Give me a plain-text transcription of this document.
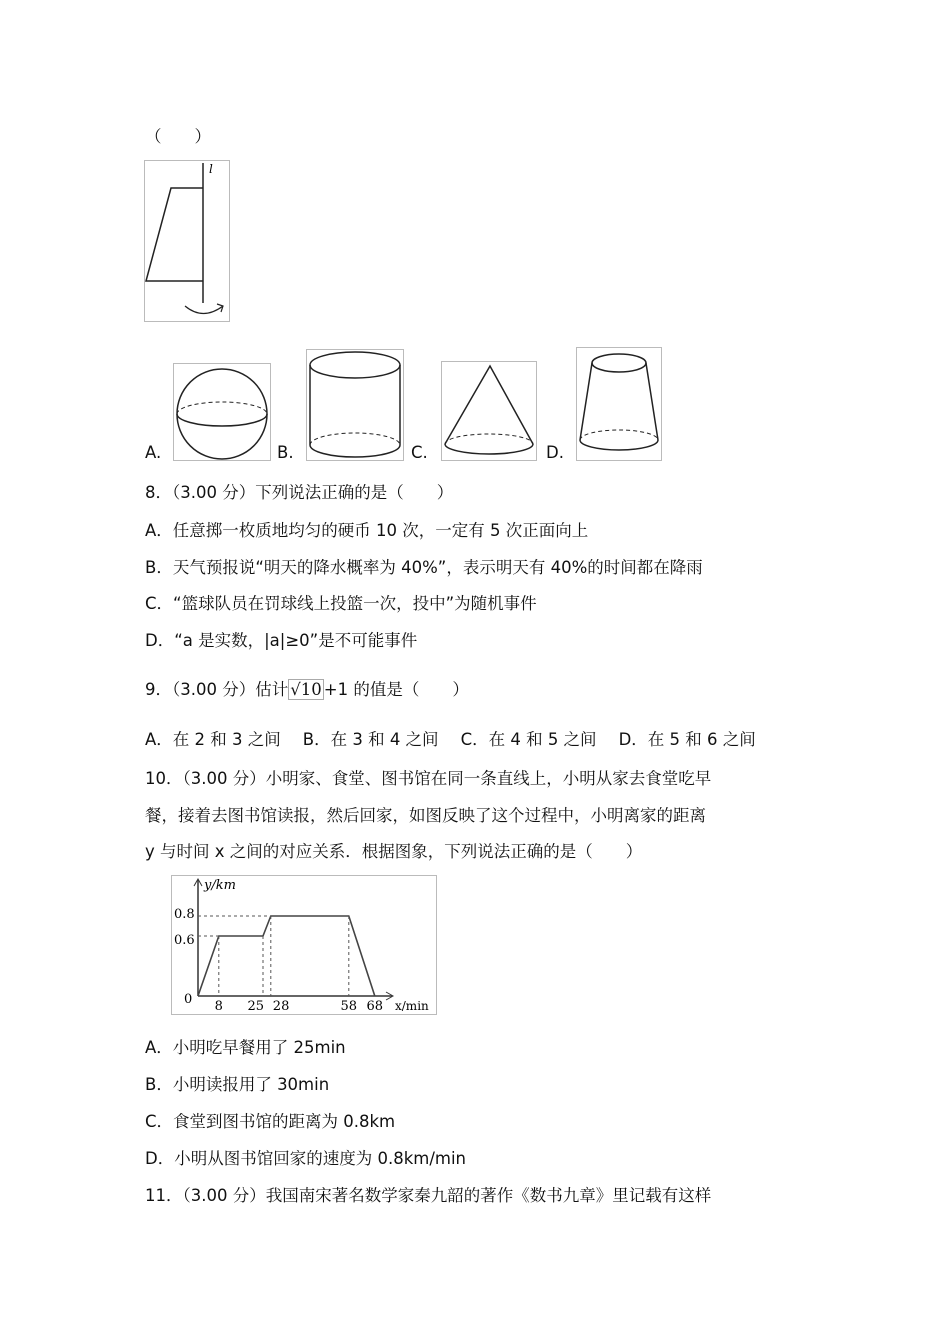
（　　）
l
A.	B.	C.	D.
8．（3.00 分）下列说法正确的是（　　）
A．任意掷一枚质地均匀的硬币 10 次，一定有 5 次正面向上
B．天气预报说“明天的降水概率为 40%”，表示明天有 40%的时间都在降雨
C．“篮球队员在罚球线上投篮一次，投中”为随机事件
D．“a 是实数，|a|≥0”是不可能事件
9．（3.00 分）估计 √10 +1 的值是（　　）
A．在 2 和 3 之间 B．在 3 和 4 之间 C．在 4 和 5 之间 D．在 5 和 6 之间
10．（3.00 分）小明家、食堂、图书馆在同一条直线上，小明从家去食堂吃早
餐，接着去图书馆读报，然后回家，如图反映了这个过程中，小明离家的距离
y 与时间 x 之间的对应关系．根据图象，下列说法正确的是（　　）
y/km
x/min
0 8 25 28	58 68
0.6
0.8
A．小明吃早餐用了 25min
B．小明读报用了 30min
C．食堂到图书馆的距离为 0.8km
D．小明从图书馆回家的速度为 0.8km/min
11．（3.00 分）我国南宋著名数学家秦九韶的著作《数书九章》里记载有这样
